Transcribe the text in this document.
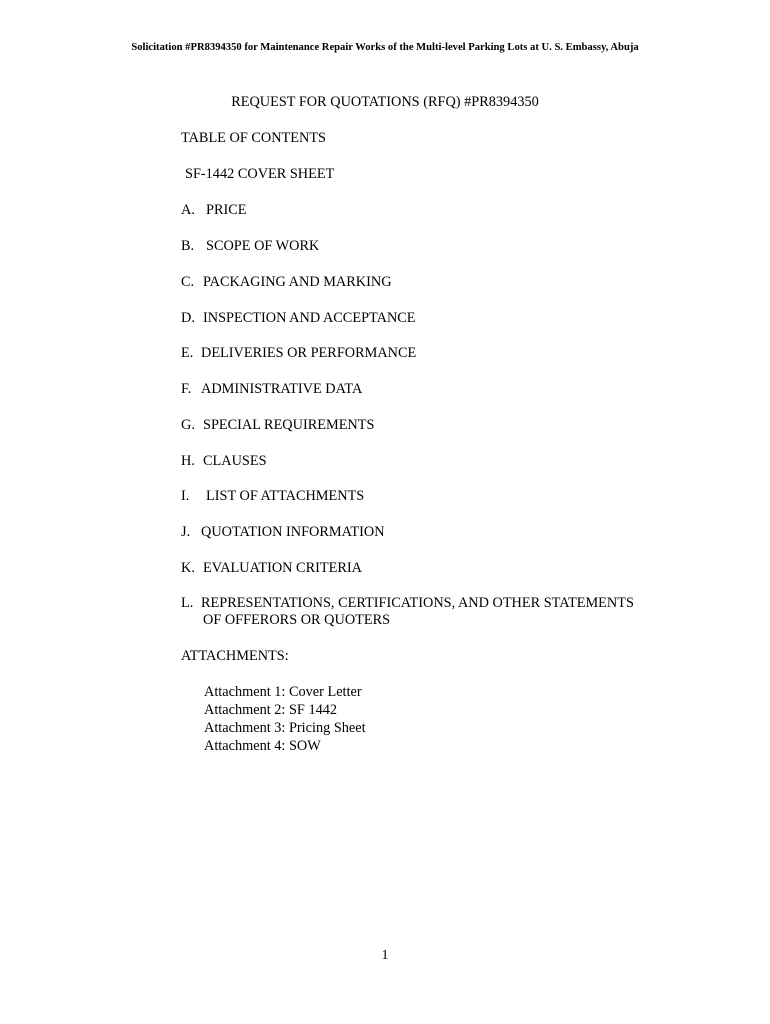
Solicitation #PR8394350 for Maintenance Repair Works of the Multi-level Parking Lots at U. S. Embassy, Abuja
REQUEST FOR QUOTATIONS (RFQ) #PR8394350
TABLE OF CONTENTS
SF-1442 COVER SHEET
A. PRICE
B. SCOPE OF WORK
C. PACKAGING AND MARKING
D. INSPECTION AND ACCEPTANCE
E. DELIVERIES OR PERFORMANCE
F. ADMINISTRATIVE DATA
G. SPECIAL REQUIREMENTS
H. CLAUSES
I. LIST OF ATTACHMENTS
J. QUOTATION INFORMATION
K. EVALUATION CRITERIA
L. REPRESENTATIONS, CERTIFICATIONS, AND OTHER STATEMENTS
OF OFFERORS OR QUOTERS
ATTACHMENTS:
Attachment 1: Cover Letter
Attachment 2: SF 1442
Attachment 3: Pricing Sheet
Attachment 4: SOW
1
